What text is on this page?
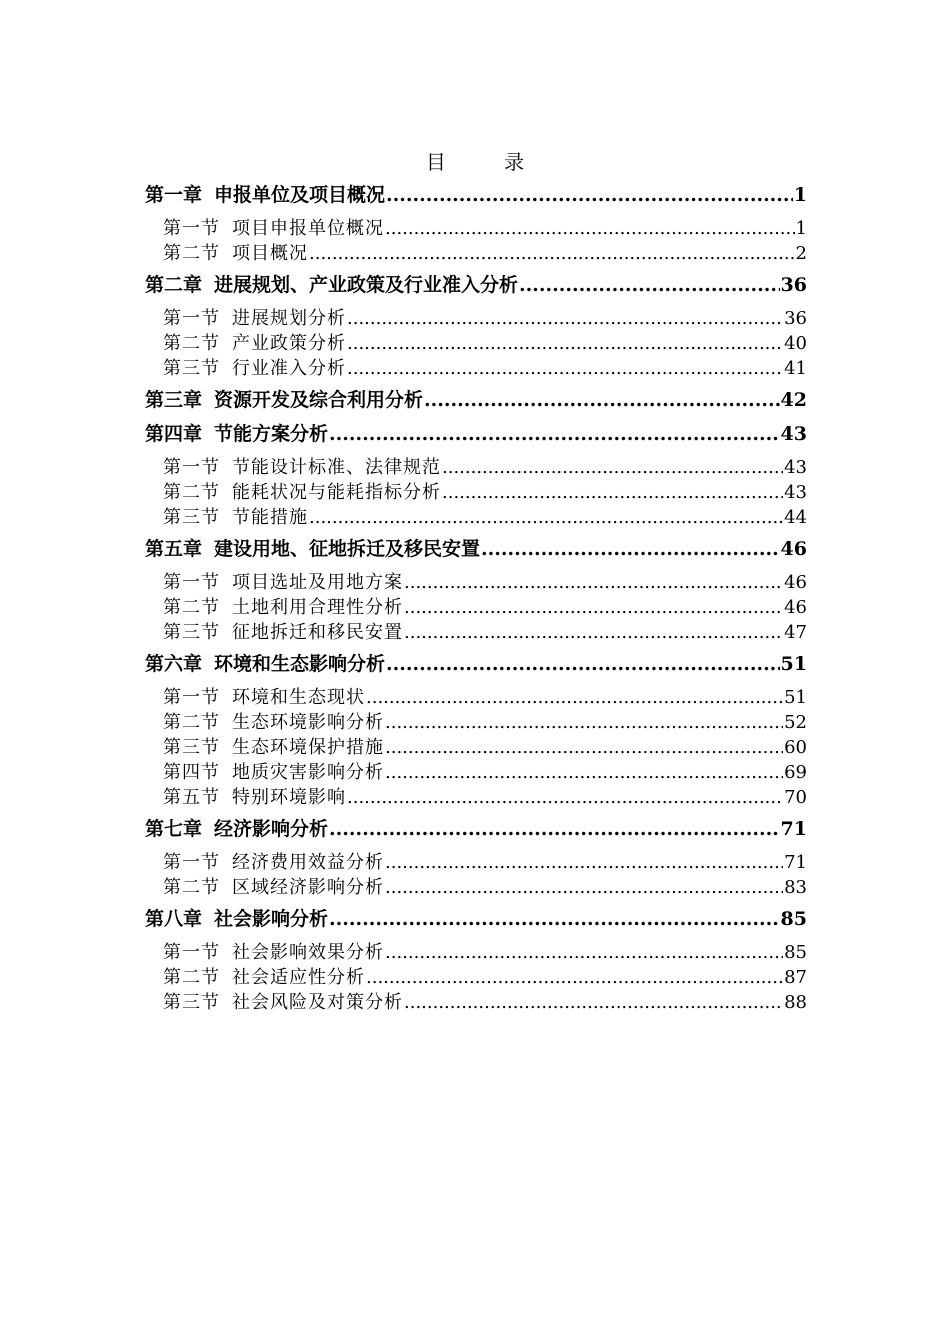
目 录
第一章 申报单位及项目概况 .....	1
第一节 项目申报单位概况 .....	1
第二节 项目概况 .....	2
第二章 进展规划、产业政策及行业准入分析 .....	36
第一节 进展规划分析 .....	36
第二节 产业政策分析 .....	40
第三节 行业准入分析 .....	41
第三章 资源开发及综合利用分析 .....	42
第四章 节能方案分析 .....	43
第一节 节能设计标准、法律规范 .....	43
第二节 能耗状况与能耗指标分析 .....	43
第三节 节能措施 .....	44
第五章 建设用地、征地拆迁及移民安置 .....	46
第一节 项目选址及用地方案 .....	46
第二节 土地利用合理性分析 .....	46
第三节 征地拆迁和移民安置 .....	47
第六章 环境和生态影响分析 .....	51
第一节 环境和生态现状 .....	51
第二节 生态环境影响分析 .....	52
第三节 生态环境保护措施 .....	60
第四节 地质灾害影响分析 .....	69
第五节 特别环境影响 .....	70
第七章 经济影响分析 .....	71
第一节 经济费用效益分析 .....	71
第二节 区域经济影响分析 .....	83
第八章 社会影响分析 .....	85
第一节 社会影响效果分析 .....	85
第二节 社会适应性分析 .....	87
第三节 社会风险及对策分析 .....	88
